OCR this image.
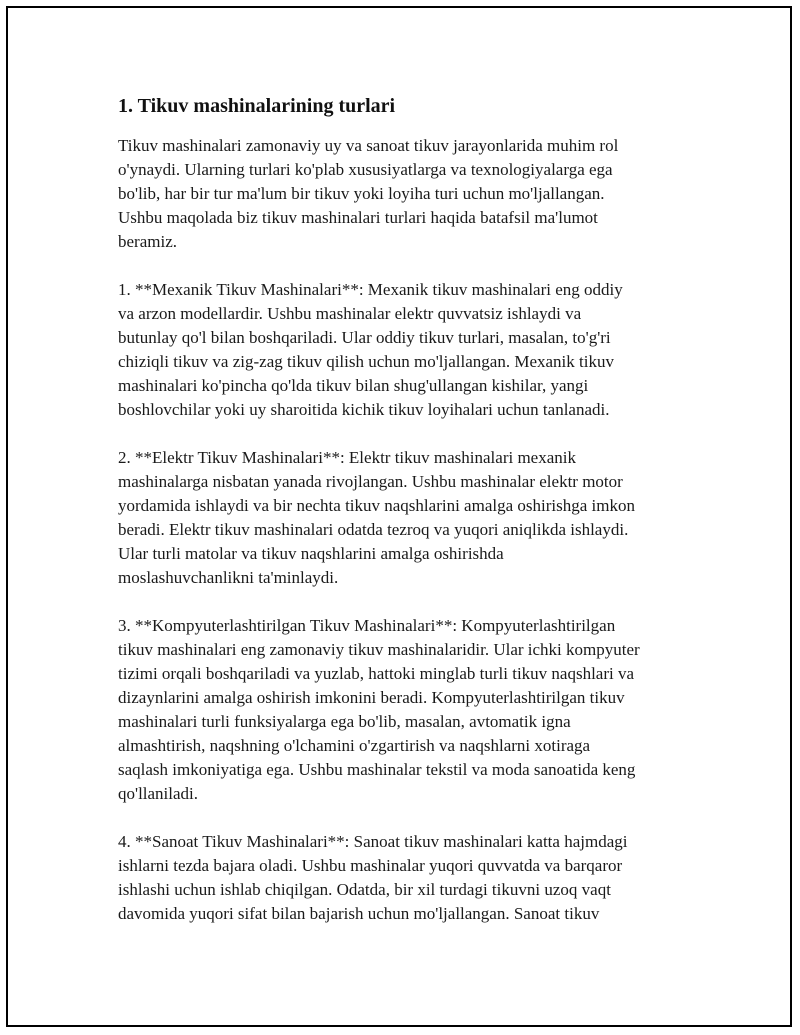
1. Tikuv mashinalarining turlari
Tikuv mashinalari zamonaviy uy va sanoat tikuv jarayonlarida muhim rol
o'ynaydi. Ularning turlari ko'plab xususiyatlarga va texnologiyalarga ega
bo'lib, har bir tur ma'lum bir tikuv yoki loyiha turi uchun mo'ljallangan.
Ushbu maqolada biz tikuv mashinalari turlari haqida batafsil ma'lumot
beramiz.
1. **Mexanik Tikuv Mashinalari**: Mexanik tikuv mashinalari eng oddiy
va arzon modellardir. Ushbu mashinalar elektr quvvatsiz ishlaydi va
butunlay qo'l bilan boshqariladi. Ular oddiy tikuv turlari, masalan, to'g'ri
chiziqli tikuv va zig-zag tikuv qilish uchun mo'ljallangan. Mexanik tikuv
mashinalari ko'pincha qo'lda tikuv bilan shug'ullangan kishilar, yangi
boshlovchilar yoki uy sharoitida kichik tikuv loyihalari uchun tanlanadi.
2. **Elektr Tikuv Mashinalari**: Elektr tikuv mashinalari mexanik
mashinalarga nisbatan yanada rivojlangan. Ushbu mashinalar elektr motor
yordamida ishlaydi va bir nechta tikuv naqshlarini amalga oshirishga imkon
beradi. Elektr tikuv mashinalari odatda tezroq va yuqori aniqlikda ishlaydi.
Ular turli matolar va tikuv naqshlarini amalga oshirishda
moslashuvchanlikni ta'minlaydi.
3. **Kompyuterlashtirilgan Tikuv Mashinalari**: Kompyuterlashtirilgan
tikuv mashinalari eng zamonaviy tikuv mashinalaridir. Ular ichki kompyuter
tizimi orqali boshqariladi va yuzlab, hattoki minglab turli tikuv naqshlari va
dizaynlarini amalga oshirish imkonini beradi. Kompyuterlashtirilgan tikuv
mashinalari turli funksiyalarga ega bo'lib, masalan, avtomatik igna
almashtirish, naqshning o'lchamini o'zgartirish va naqshlarni xotiraga
saqlash imkoniyatiga ega. Ushbu mashinalar tekstil va moda sanoatida keng
qo'llaniladi.
4. **Sanoat Tikuv Mashinalari**: Sanoat tikuv mashinalari katta hajmdagi
ishlarni tezda bajara oladi. Ushbu mashinalar yuqori quvvatda va barqaror
ishlashi uchun ishlab chiqilgan. Odatda, bir xil turdagi tikuvni uzoq vaqt
davomida yuqori sifat bilan bajarish uchun mo'ljallangan. Sanoat tikuv
